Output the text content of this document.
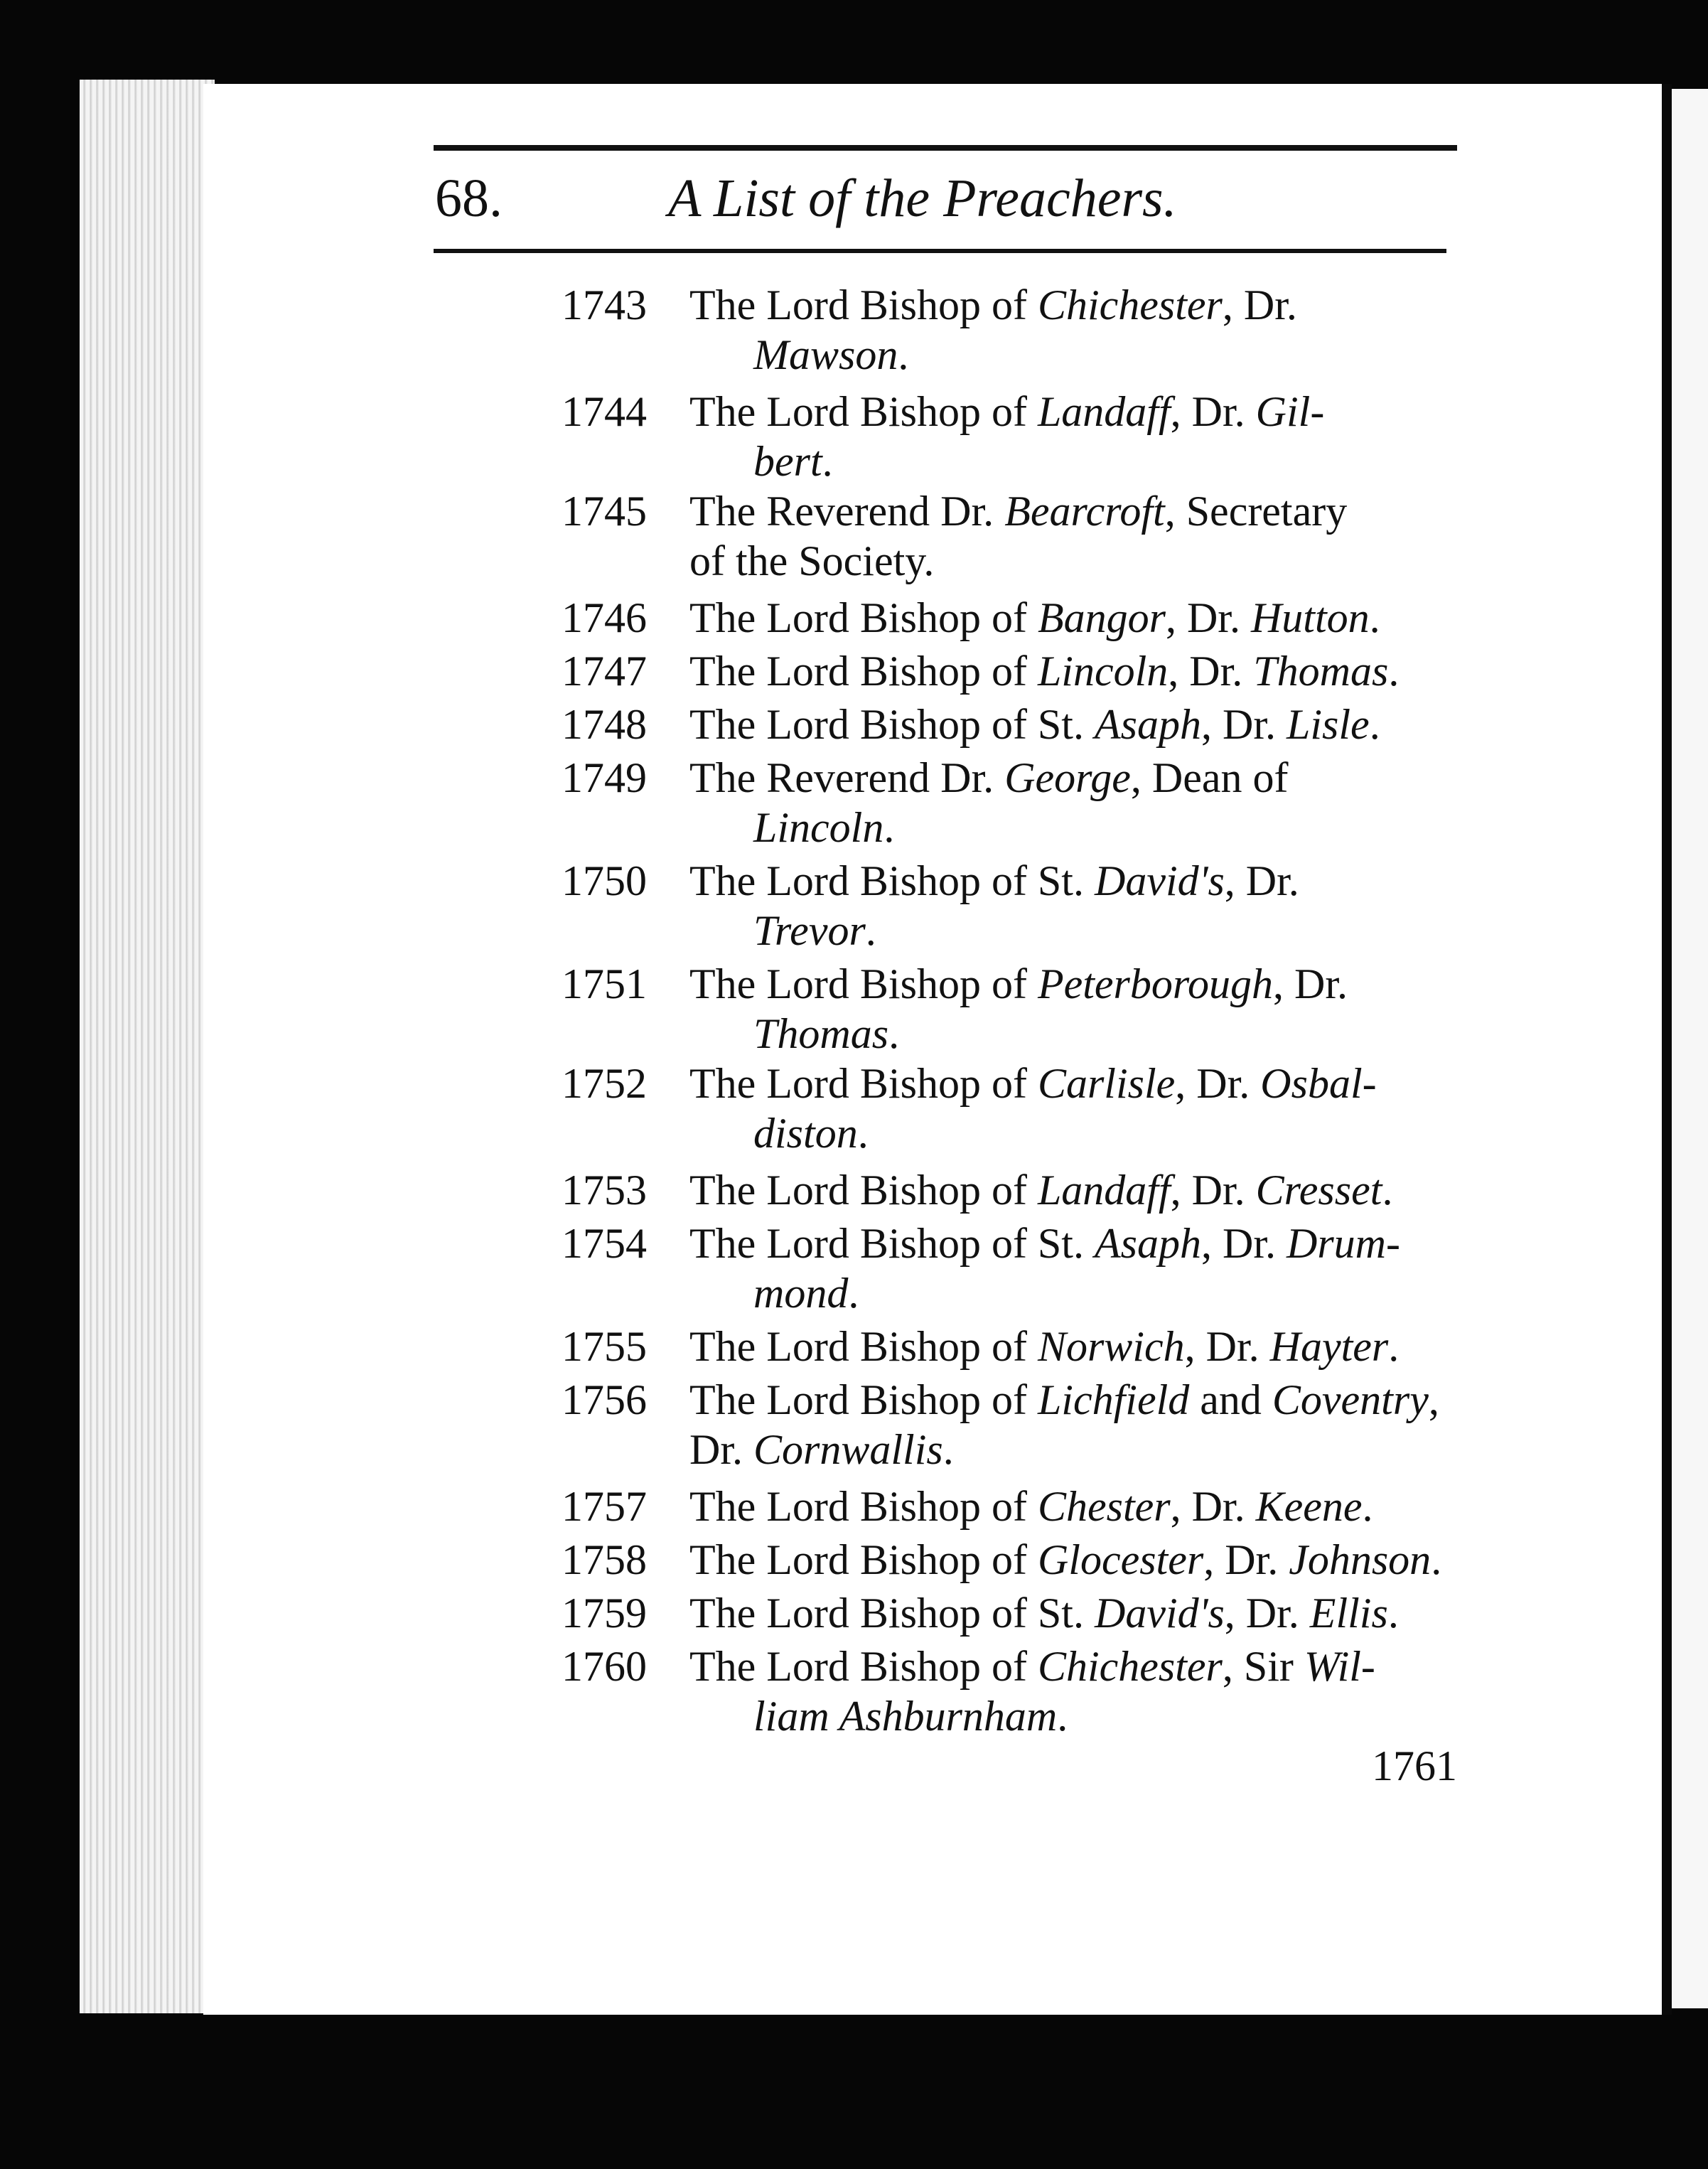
68.	A List of the Preachers.
1743	The Lord Bishop of Chichester, Dr.
Mawson.
1744	The Lord Bishop of Landaff, Dr. Gil-
bert.
1745	The Reverend Dr. Bearcroft, Secretary
of the Society.
1746	The Lord Bishop of Bangor, Dr. Hutton.
1747	The Lord Bishop of Lincoln, Dr. Thomas.
1748	The Lord Bishop of St. Asaph, Dr. Lisle.
1749	The Reverend Dr. George, Dean of
Lincoln.
1750	The Lord Bishop of St. David's, Dr.
Trevor.
1751	The Lord Bishop of Peterborough, Dr.
Thomas.
1752	The Lord Bishop of Carlisle, Dr. Osbal-
diston.
1753	The Lord Bishop of Landaff, Dr. Cresset.
1754	The Lord Bishop of St. Asaph, Dr. Drum-
mond.
1755	The Lord Bishop of Norwich, Dr. Hayter.
1756	The Lord Bishop of Lichfield and Coventry,
Dr. Cornwallis.
1757	The Lord Bishop of Chester, Dr. Keene.
1758	The Lord Bishop of Glocester, Dr. Johnson.
1759	The Lord Bishop of St. David's, Dr. Ellis.
1760	The Lord Bishop of Chichester, Sir Wil-
liam Ashburnham.
1761
